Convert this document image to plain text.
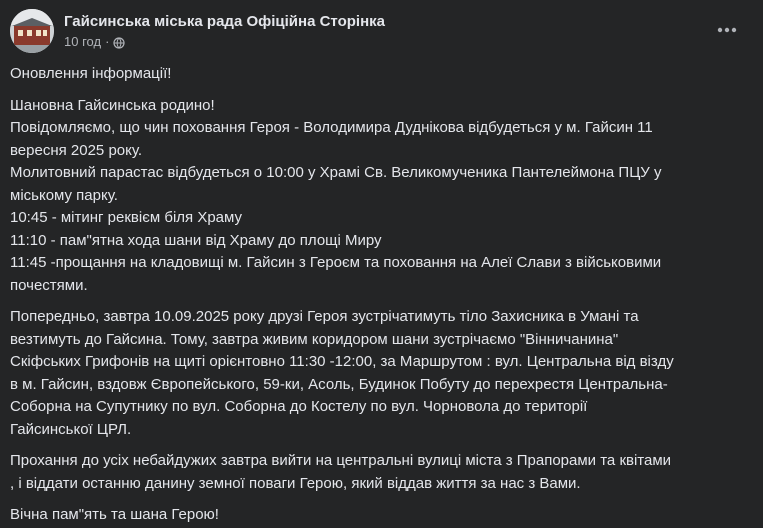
Гайсинська міська рада Офіційна Сторінка
10 год ·

Оновлення інформації!

Шановна Гайсинська родино!

Повідомляємо, що чин поховання Героя - Володимира Дуднікова відбудеться у м. Гайсин 11

вересня 2025 року.

Молитовний парастас відбудеться о 10:00 у Храмі Св. Великомученика Пантелеймона ПЦУ у

міському парку.

10:45 - мітинг реквієм біля Храму

11:10 - пам"ятна хода шани від Храму до площі Миру

11:45 -прощання на кладовищі м. Гайсин з Героєм та поховання на Алеї Слави з військовими

почестями.

Попередньо, завтра 10.09.2025 року друзі Героя зустрічатимуть тіло Захисника в Умані та

везтимуть до Гайсина. Тому, завтра живим коридором шани зустрічаємо "Вінничанина"

Скіфських Грифонів на щиті орієнтовно 11:30 -12:00, за Маршрутом : вул. Центральна від візду

в м. Гайсин, вздовж Європейського, 59-ки, Асоль, Будинок Побуту до перехрестя Центральна-

Соборна на Супутнику по вул. Соборна до Костелу по вул. Чорновола до території

Гайсинської ЦРЛ.

Прохання до усіх небайдужих завтра вийти на центральні вулиці міста з Прапорами та квітами

, і віддати останню данину земної поваги Герою, який віддав життя за нас з Вами.

Вічна пам"ять та шана Герою!
